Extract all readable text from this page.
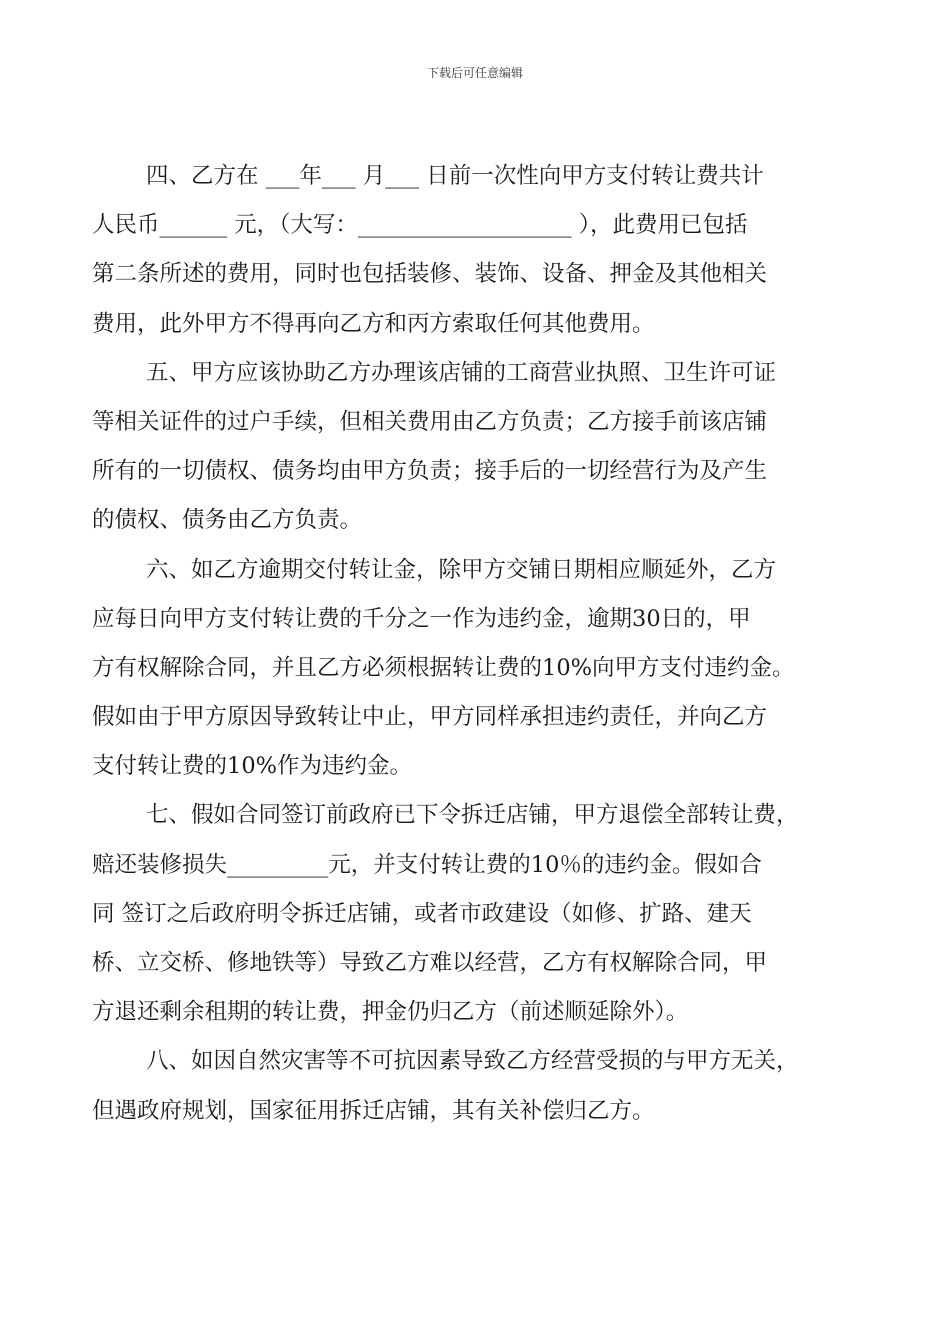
下载后可任意编辑
四、乙方在 ___年___ 月___ 日前一次性向甲方支付转让费共计
人民币______ 元，（大写：___________________ ），此费用已包括
第二条所述的费用，同时也包括装修、装饰、设备、押金及其他相关
费用，此外甲方不得再向乙方和丙方索取任何其他费用。
五、甲方应该协助乙方办理该店铺的工商营业执照、卫生许可证
等相关证件的过户手续，但相关费用由乙方负责；乙方接手前该店铺
所有的一切债权、债务均由甲方负责；接手后的一切经营行为及产生
的债权、债务由乙方负责。
六、如乙方逾期交付转让金，除甲方交铺日期相应顺延外，乙方
应每日向甲方支付转让费的千分之一作为违约金，逾期30日的，甲
方有权解除合同，并且乙方必须根据转让费的10%向甲方支付违约金。
假如由于甲方原因导致转让中止，甲方同样承担违约责任，并向乙方
支付转让费的10%作为违约金。
七、假如合同签订前政府已下令拆迁店铺，甲方退偿全部转让费，
赔还装修损失_________元，并支付转让费的10％的违约金。假如合
同 签订之后政府明令拆迁店铺，或者市政建设（如修、扩路、建天
桥、立交桥、修地铁等）导致乙方难以经营，乙方有权解除合同，甲
方退还剩余租期的转让费，押金仍归乙方（前述顺延除外）。
八、如因自然灾害等不可抗因素导致乙方经营受损的与甲方无关，
但遇政府规划，国家征用拆迁店铺，其有关补偿归乙方。
